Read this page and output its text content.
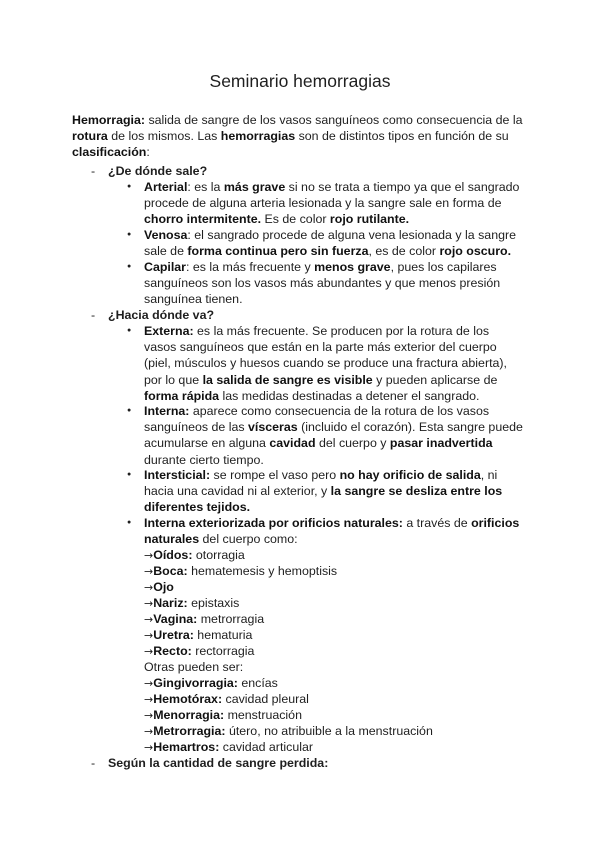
Seminario hemorragias
Hemorragia: salida de sangre de los vasos sanguíneos como consecuencia de la rotura de los mismos. Las hemorragias son de distintos tipos en función de su clasificación:
- ¿De dónde sale?
● Arterial: es la más grave si no se trata a tiempo ya que el sangrado procede de alguna arteria lesionada y la sangre sale en forma de chorro intermitente. Es de color rojo rutilante.
● Venosa: el sangrado procede de alguna vena lesionada y la sangre sale de forma continua pero sin fuerza, es de color rojo oscuro.
● Capilar: es la más frecuente y menos grave, pues los capilares sanguíneos son los vasos más abundantes y que menos presión sanguínea tienen.
- ¿Hacia dónde va?
● Externa: es la más frecuente. Se producen por la rotura de los vasos sanguíneos que están en la parte más exterior del cuerpo (piel, músculos y huesos cuando se produce una fractura abierta), por lo que la salida de sangre es visible y pueden aplicarse de forma rápida las medidas destinadas a detener el sangrado.
● Interna: aparece como consecuencia de la rotura de los vasos sanguíneos de las vísceras (incluido el corazón). Esta sangre puede acumularse en alguna cavidad del cuerpo y pasar inadvertida durante cierto tiempo.
● Intersticial: se rompe el vaso pero no hay orificio de salida, ni hacia una cavidad ni al exterior, y la sangre se desliza entre los diferentes tejidos.
● Interna exteriorizada por orificios naturales: a través de orificios naturales del cuerpo como:
→Oídos: otorragia
→Boca: hematemesis y hemoptisis
→Ojo
→Nariz: epistaxis
→Vagina: metrorragia
→Uretra: hematuria
→Recto: rectorragia
Otras pueden ser:
→Gingivorragia: encías
→Hemotórax: cavidad pleural
→Menorragia: menstruación
→Metrorragia: útero, no atribuible a la menstruación
→Hemartros: cavidad articular
- Según la cantidad de sangre perdida:
